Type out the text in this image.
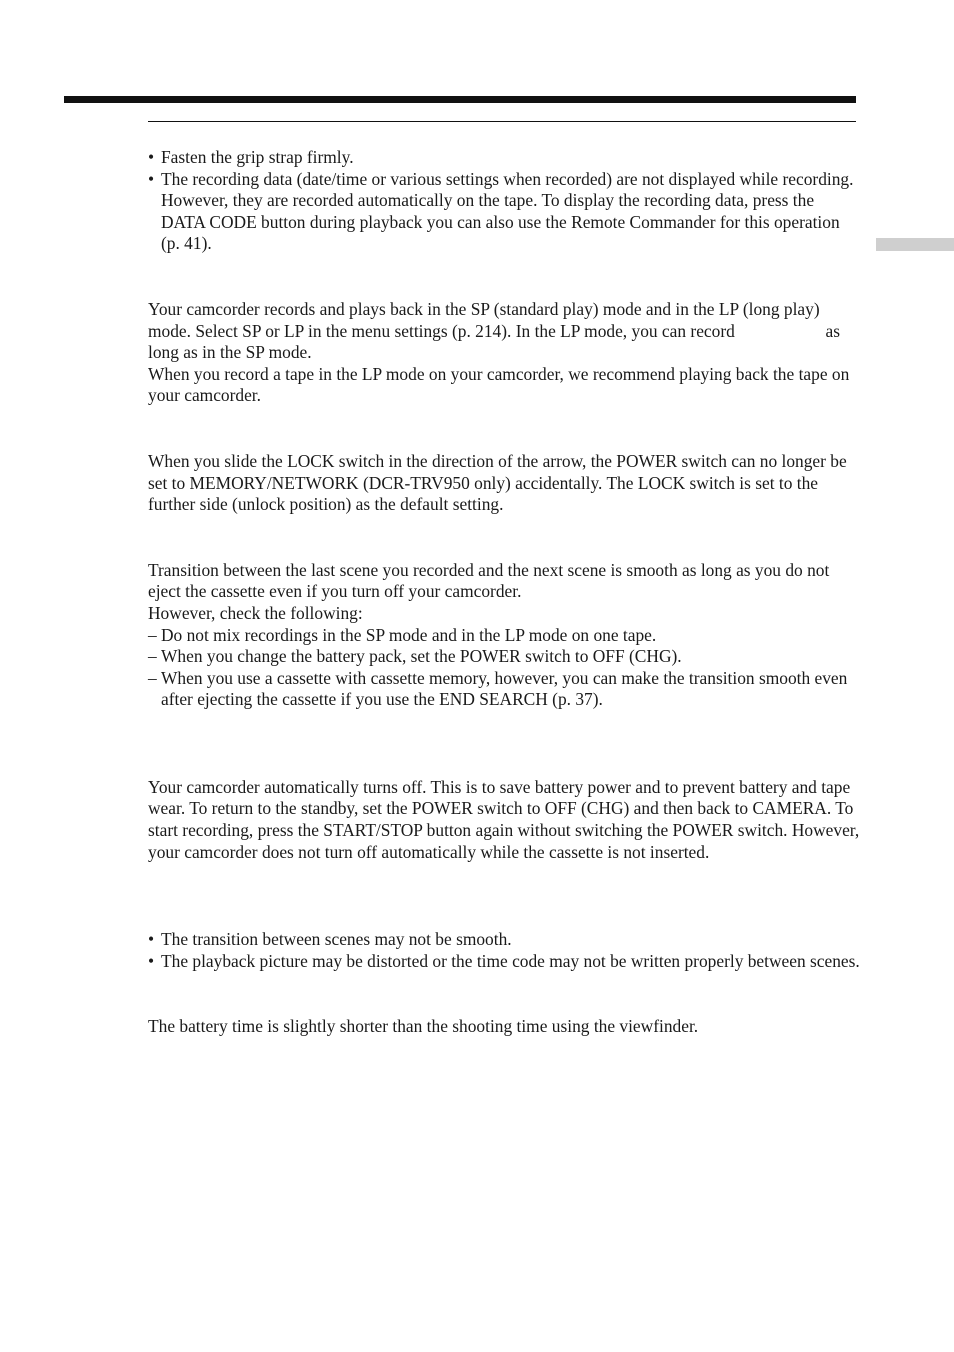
• Fasten the grip strap firmly.
• The recording data (date/time or various settings when recorded) are not displayed while recording. However, they are recorded automatically on the tape. To display the recording data, press the DATA CODE button during playback you can also use the Remote Commander for this operation (p. 41).

Your camcorder records and plays back in the SP (standard play) mode and in the LP (long play) mode. Select SP or LP in the menu settings (p. 214). In the LP mode, you can record	as long as in the SP mode.

When you record a tape in the LP mode on your camcorder, we recommend playing back the tape on your camcorder.

When you slide the LOCK switch in the direction of the arrow, the POWER switch can no longer be set to MEMORY/NETWORK (DCR-TRV950 only) accidentally. The LOCK switch is set to the further side (unlock position) as the default setting.

Transition between the last scene you recorded and the next scene is smooth as long as you do not eject the cassette even if you turn off your camcorder.

However, check the following:

– Do not mix recordings in the SP mode and in the LP mode on one tape.
– When you change the battery pack, set the POWER switch to OFF (CHG).
– When you use a cassette with cassette memory, however, you can make the transition smooth even after ejecting the cassette if you use the END SEARCH (p. 37).

Your camcorder automatically turns off. This is to save battery power and to prevent battery and tape wear. To return to the standby, set the POWER switch to OFF (CHG) and then back to CAMERA. To start recording, press the START/STOP button again without switching the POWER switch. However, your camcorder does not turn off automatically while the cassette is not inserted.

• The transition between scenes may not be smooth.
• The playback picture may be distorted or the time code may not be written properly between scenes.

The battery time is slightly shorter than the shooting time using the viewfinder.
